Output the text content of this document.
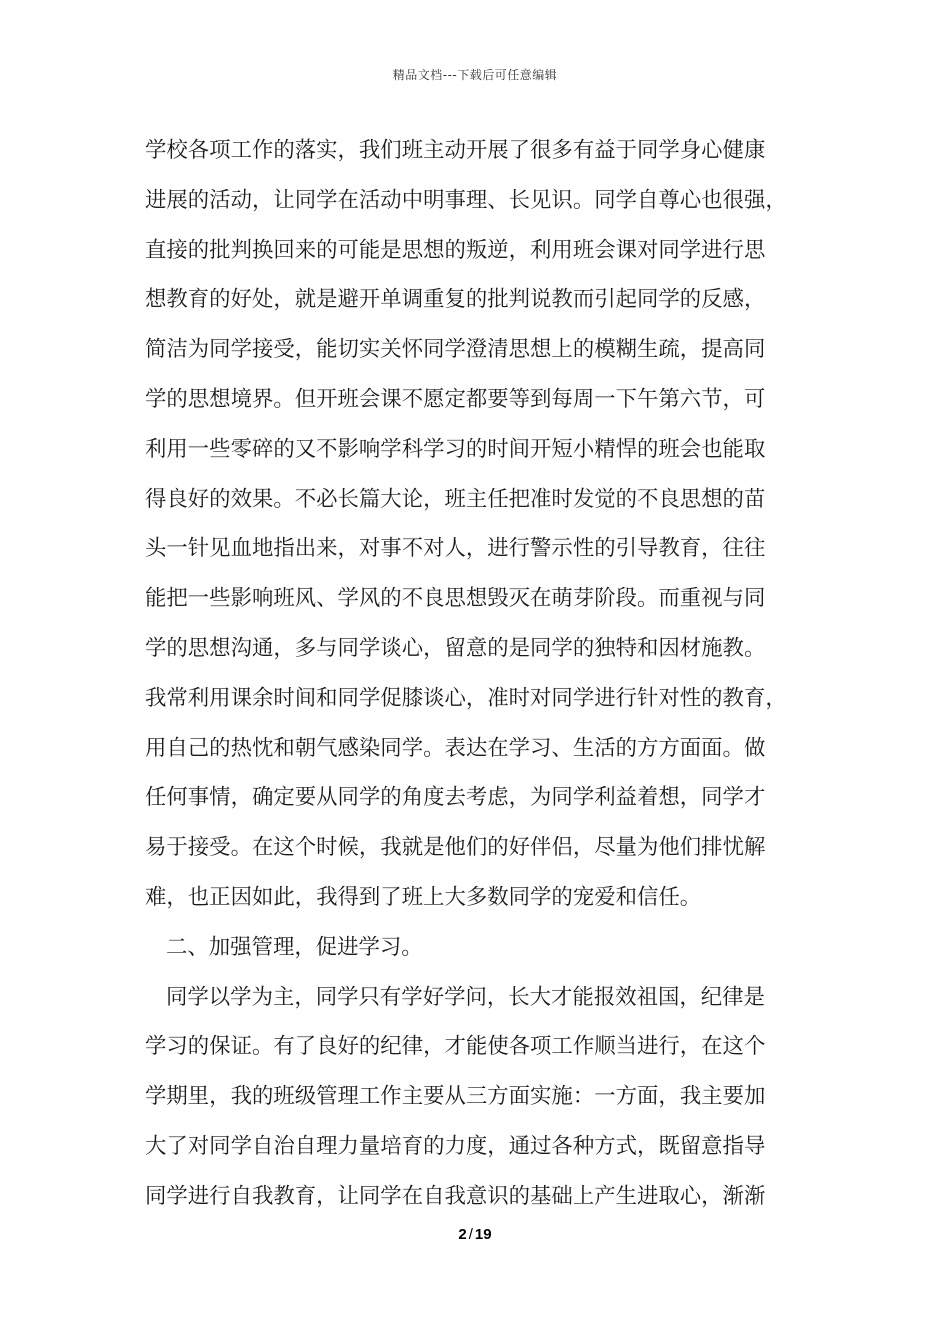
精品文档---下载后可任意编辑
学校各项工作的落实，我们班主动开展了很多有益于同学身心健康
进展的活动，让同学在活动中明事理、长见识。同学自尊心也很强，
直接的批判换回来的可能是思想的叛逆，利用班会课对同学进行思
想教育的好处，就是避开单调重复的批判说教而引起同学的反感，
简洁为同学接受，能切实关怀同学澄清思想上的模糊生疏，提高同
学的思想境界。但开班会课不愿定都要等到每周一下午第六节，可
利用一些零碎的又不影响学科学习的时间开短小精悍的班会也能取
得良好的效果。不必长篇大论，班主任把准时发觉的不良思想的苗
头一针见血地指出来，对事不对人，进行警示性的引导教育，往往
能把一些影响班风、学风的不良思想毁灭在萌芽阶段。而重视与同
学的思想沟通，多与同学谈心，留意的是同学的独特和因材施教。
我常利用课余时间和同学促膝谈心，准时对同学进行针对性的教育，
用自己的热忱和朝气感染同学。表达在学习、生活的方方面面。做
任何事情，确定要从同学的角度去考虑，为同学利益着想，同学才
易于接受。在这个时候，我就是他们的好伴侣，尽量为他们排忧解
难，也正因如此，我得到了班上大多数同学的宠爱和信任。
二、加强管理，促进学习。
同学以学为主，同学只有学好学问，长大才能报效祖国，纪律是
学习的保证。有了良好的纪律，才能使各项工作顺当进行，在这个
学期里，我的班级管理工作主要从三方面实施：一方面，我主要加
大了对同学自治自理力量培育的力度，通过各种方式，既留意指导
同学进行自我教育，让同学在自我意识的基础上产生进取心，渐渐
2 / 19
